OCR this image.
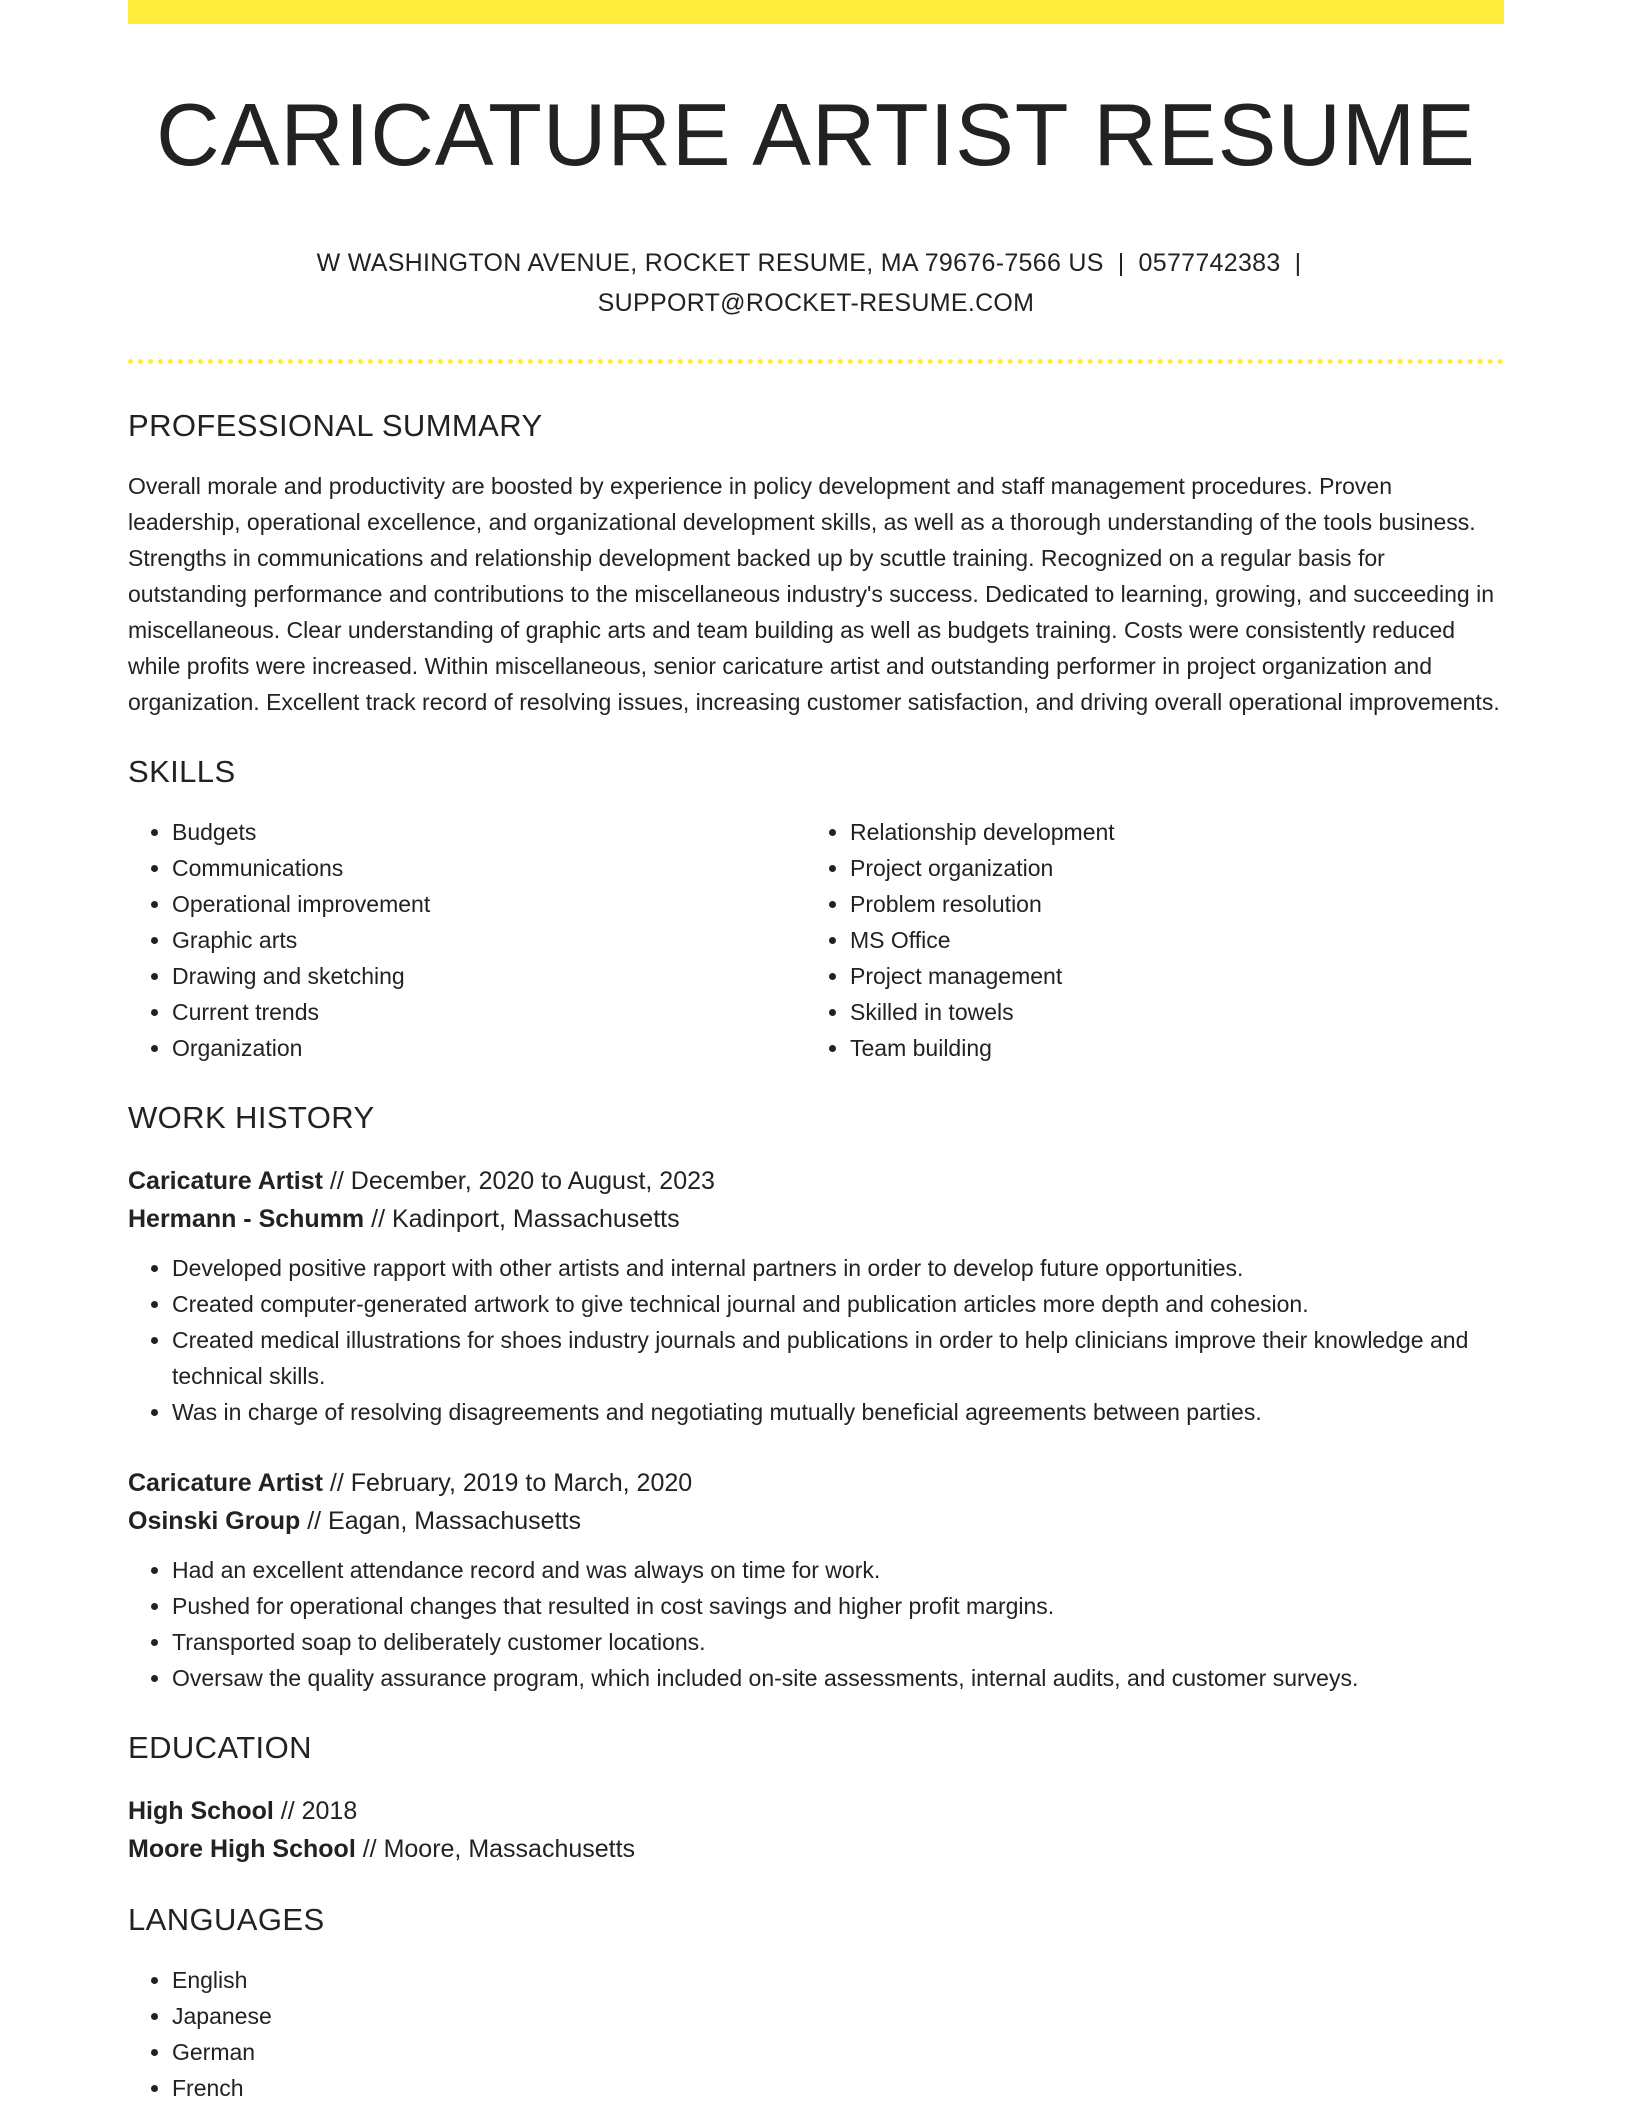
CARICATURE ARTIST RESUME
W WASHINGTON AVENUE, ROCKET RESUME, MA 79676-7566 US | 0577742383 |
SUPPORT@ROCKET-RESUME.COM
PROFESSIONAL SUMMARY
Overall morale and productivity are boosted by experience in policy development and staff management procedures. Proven leadership, operational excellence, and organizational development skills, as well as a thorough understanding of the tools business. Strengths in communications and relationship development backed up by scuttle training. Recognized on a regular basis for outstanding performance and contributions to the miscellaneous industry's success. Dedicated to learning, growing, and succeeding in miscellaneous. Clear understanding of graphic arts and team building as well as budgets training. Costs were consistently reduced while profits were increased. Within miscellaneous, senior caricature artist and outstanding performer in project organization and organization. Excellent track record of resolving issues, increasing customer satisfaction, and driving overall operational improvements.
SKILLS
• Budgets
• Communications
• Operational improvement
• Graphic arts
• Drawing and sketching
• Current trends
• Organization
• Relationship development
• Project organization
• Problem resolution
• MS Office
• Project management
• Skilled in towels
• Team building
WORK HISTORY
Caricature Artist // December, 2020 to August, 2023
Hermann - Schumm // Kadinport, Massachusetts
• Developed positive rapport with other artists and internal partners in order to develop future opportunities.
• Created computer-generated artwork to give technical journal and publication articles more depth and cohesion.
• Created medical illustrations for shoes industry journals and publications in order to help clinicians improve their knowledge and technical skills.
• Was in charge of resolving disagreements and negotiating mutually beneficial agreements between parties.
Caricature Artist // February, 2019 to March, 2020
Osinski Group // Eagan, Massachusetts
• Had an excellent attendance record and was always on time for work.
• Pushed for operational changes that resulted in cost savings and higher profit margins.
• Transported soap to deliberately customer locations.
• Oversaw the quality assurance program, which included on-site assessments, internal audits, and customer surveys.
EDUCATION
High School // 2018
Moore High School // Moore, Massachusetts
LANGUAGES
• English
• Japanese
• German
• French
